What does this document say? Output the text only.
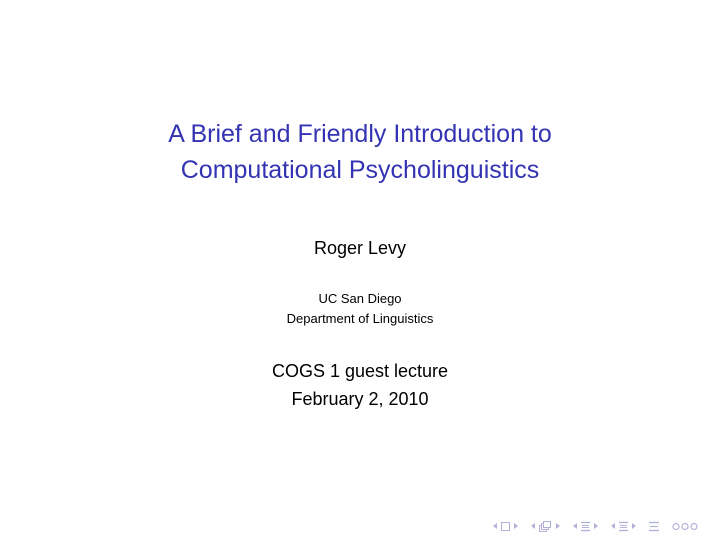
A Brief and Friendly Introduction to
Computational Psycholinguistics
Roger Levy
UC San Diego
Department of Linguistics
COGS 1 guest lecture
February 2, 2010
